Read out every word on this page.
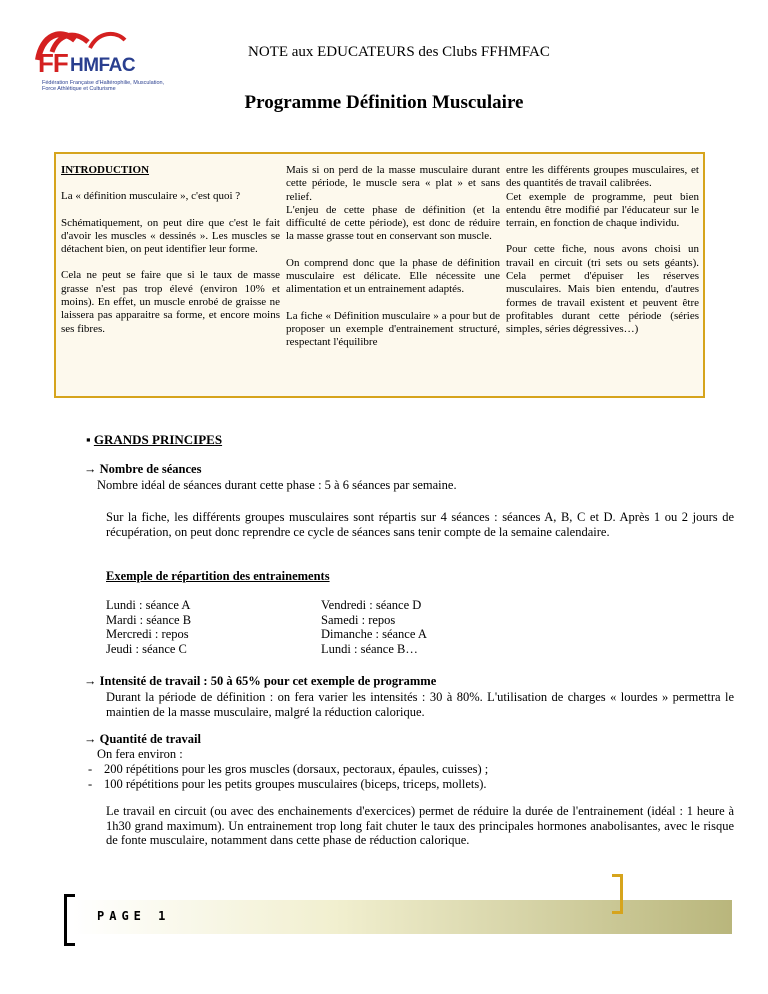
FF HMFAC
Fédération Française d'Haltérophilie, Musculation, Force Athlétique et Culturisme
NOTE aux EDUCATEURS des Clubs FFHMFAC
Programme Définition Musculaire

INTRODUCTION

La « définition musculaire », c'est quoi ?

Schématiquement, on peut dire que c'est le fait d'avoir les muscles « dessinés ». Les muscles se détachent bien, on peut identifier leur forme.

Cela ne peut se faire que si le taux de masse grasse n'est pas trop élevé (environ 10% et moins). En effet, un muscle enrobé de graisse ne laissera pas apparaitre sa forme, et encore moins ses fibres.

Mais si on perd de la masse musculaire durant cette période, le muscle sera « plat » et sans relief.

L'enjeu de cette phase de définition (et la difficulté de cette période), est donc de réduire la masse grasse tout en conservant son muscle.

On comprend donc que la phase de définition musculaire est délicate. Elle nécessite une alimentation et un entrainement adaptés.

La fiche « Définition musculaire » a pour but de proposer un exemple d'entrainement structuré, respectant l'équilibre

entre les différents groupes musculaires, et des quantités de travail calibrées.

Cet exemple de programme, peut bien entendu être modifié par l'éducateur sur le terrain, en fonction de chaque individu.

Pour cette fiche, nous avons choisi un travail en circuit (tri sets ou sets géants). Cela permet d'épuiser les réserves musculaires. Mais bien entendu, d'autres formes de travail existent et peuvent être profitables durant cette période (séries simples, séries dégressives…)

▪ GRANDS PRINCIPES
→ Nombre de séances
Nombre idéal de séances durant cette phase : 5 à 6 séances par semaine.
Sur la fiche, les différents groupes musculaires sont répartis sur 4 séances : séances A, B, C et D. Après 1 ou 2 jours de récupération, on peut donc reprendre ce cycle de séances sans tenir compte de la semaine calendaire.
Exemple de répartition des entrainements
Lundi : séance A
Mardi : séance B
Mercredi : repos
Jeudi : séance C
Vendredi : séance D
Samedi : repos
Dimanche : séance A
Lundi : séance B…
→ Intensité de travail : 50 à 65% pour cet exemple de programme
Durant la période de définition : on fera varier les intensités : 30 à 80%. L'utilisation de charges « lourdes » permettra le maintien de la masse musculaire, malgré la réduction calorique.
→ Quantité de travail
On fera environ :
- 200 répétitions pour les gros muscles (dorsaux, pectoraux, épaules, cuisses) ;
- 100 répétitions pour les petits groupes musculaires (biceps, triceps, mollets).
Le travail en circuit (ou avec des enchainements d'exercices) permet de réduire la durée de l'entrainement (idéal : 1 heure à 1h30 grand maximum). Un entrainement trop long fait chuter le taux des principales hormones anabolisantes, avec le risque de fonte musculaire, notamment dans cette phase de réduction calorique.
PAGE 1
